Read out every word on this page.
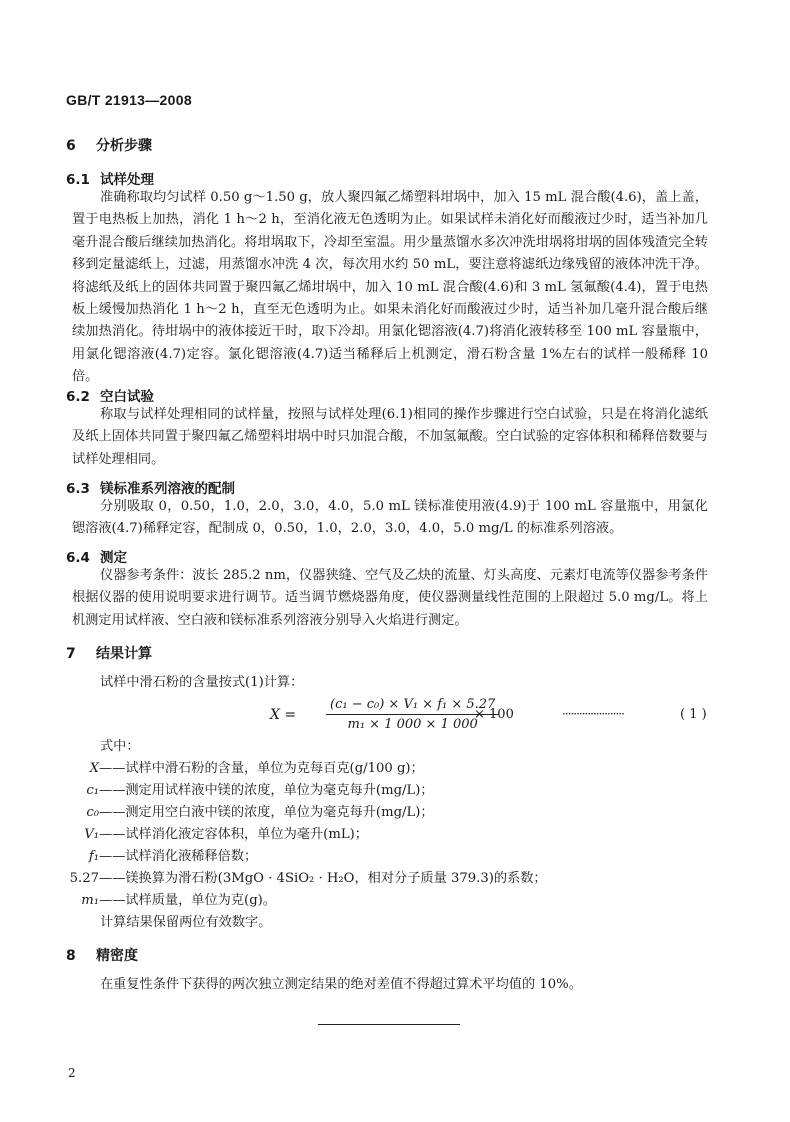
GB/T 21913—2008
6 分析步骤
6.1 试样处理
准确称取均匀试样 0.50 g～1.50 g，放人聚四氟乙烯塑料坩埚中，加入 15 mL 混合酸(4.6)，盖上盖，置于电热板上加热，消化 1 h～2 h，至消化液无色透明为止。如果试样未消化好而酸液过少时，适当补加几毫升混合酸后继续加热消化。将坩埚取下，冷却至室温。用少量蒸馏水多次冲洗坩埚将坩埚的固体残渣完全转移到定量滤纸上，过滤，用蒸馏水冲洗 4 次，每次用水约 50 mL，要注意将滤纸边缘残留的液体冲洗干净。将滤纸及纸上的固体共同置于聚四氟乙烯坩埚中，加入 10 mL 混合酸(4.6)和 3 mL 氢氟酸(4.4)，置于电热板上缓慢加热消化 1 h～2 h，直至无色透明为止。如果未消化好而酸液过少时，适当补加几毫升混合酸后继续加热消化。待坩埚中的液体接近干时，取下冷却。用氯化锶溶液(4.7)将消化液转移至 100 mL 容量瓶中，用氯化锶溶液(4.7)定容。氯化锶溶液(4.7)适当稀释后上机测定，滑石粉含量 1%左右的试样一般稀释 10 倍。
6.2 空白试验
称取与试样处理相同的试样量，按照与试样处理(6.1)相同的操作步骤进行空白试验，只是在将消化滤纸及纸上固体共同置于聚四氟乙烯塑料坩埚中时只加混合酸，不加氢氟酸。空白试验的定容体积和稀释倍数要与试样处理相同。
6.3 镁标准系列溶液的配制
分别吸取 0，0.50，1.0，2.0，3.0，4.0，5.0 mL 镁标准使用液(4.9)于 100 mL 容量瓶中，用氯化锶溶液(4.7)稀释定容，配制成 0，0.50，1.0，2.0，3.0，4.0，5.0 mg/L 的标准系列溶液。
6.4 测定
仪器参考条件：波长 285.2 nm，仪器狭缝、空气及乙炔的流量、灯头高度、元素灯电流等仪器参考条件根据仪器的使用说明要求进行调节。适当调节燃烧器角度，使仪器测量线性范围的上限超过 5.0 mg/L。将上机测定用试样液、空白液和镁标准系列溶液分别导入火焰进行测定。
7 结果计算
试样中滑石粉的含量按式(1)计算：
$X = \frac{\text{(c₁ − c₀) × V₁ × f₁ × 5.27}}{\text{m₁ × 1 000 × 1 000}}$
× 100	······················	( 1 )
式中：
X——试样中滑石粉的含量，单位为克每百克(g/100 g)；
c₁——测定用试样液中镁的浓度，单位为毫克每升(mg/L)；
c₀——测定用空白液中镁的浓度，单位为毫克每升(mg/L)；
V₁——试样消化液定容体积，单位为毫升(mL)；
f₁——试样消化液稀释倍数；
5.27——镁换算为滑石粉(3MgO · 4SiO₂ · H₂O，相对分子质量 379.3)的系数；
m₁——试样质量，单位为克(g)。
计算结果保留两位有效数字。
8 精密度
在重复性条件下获得的两次独立测定结果的绝对差值不得超过算术平均值的 10%。
2
